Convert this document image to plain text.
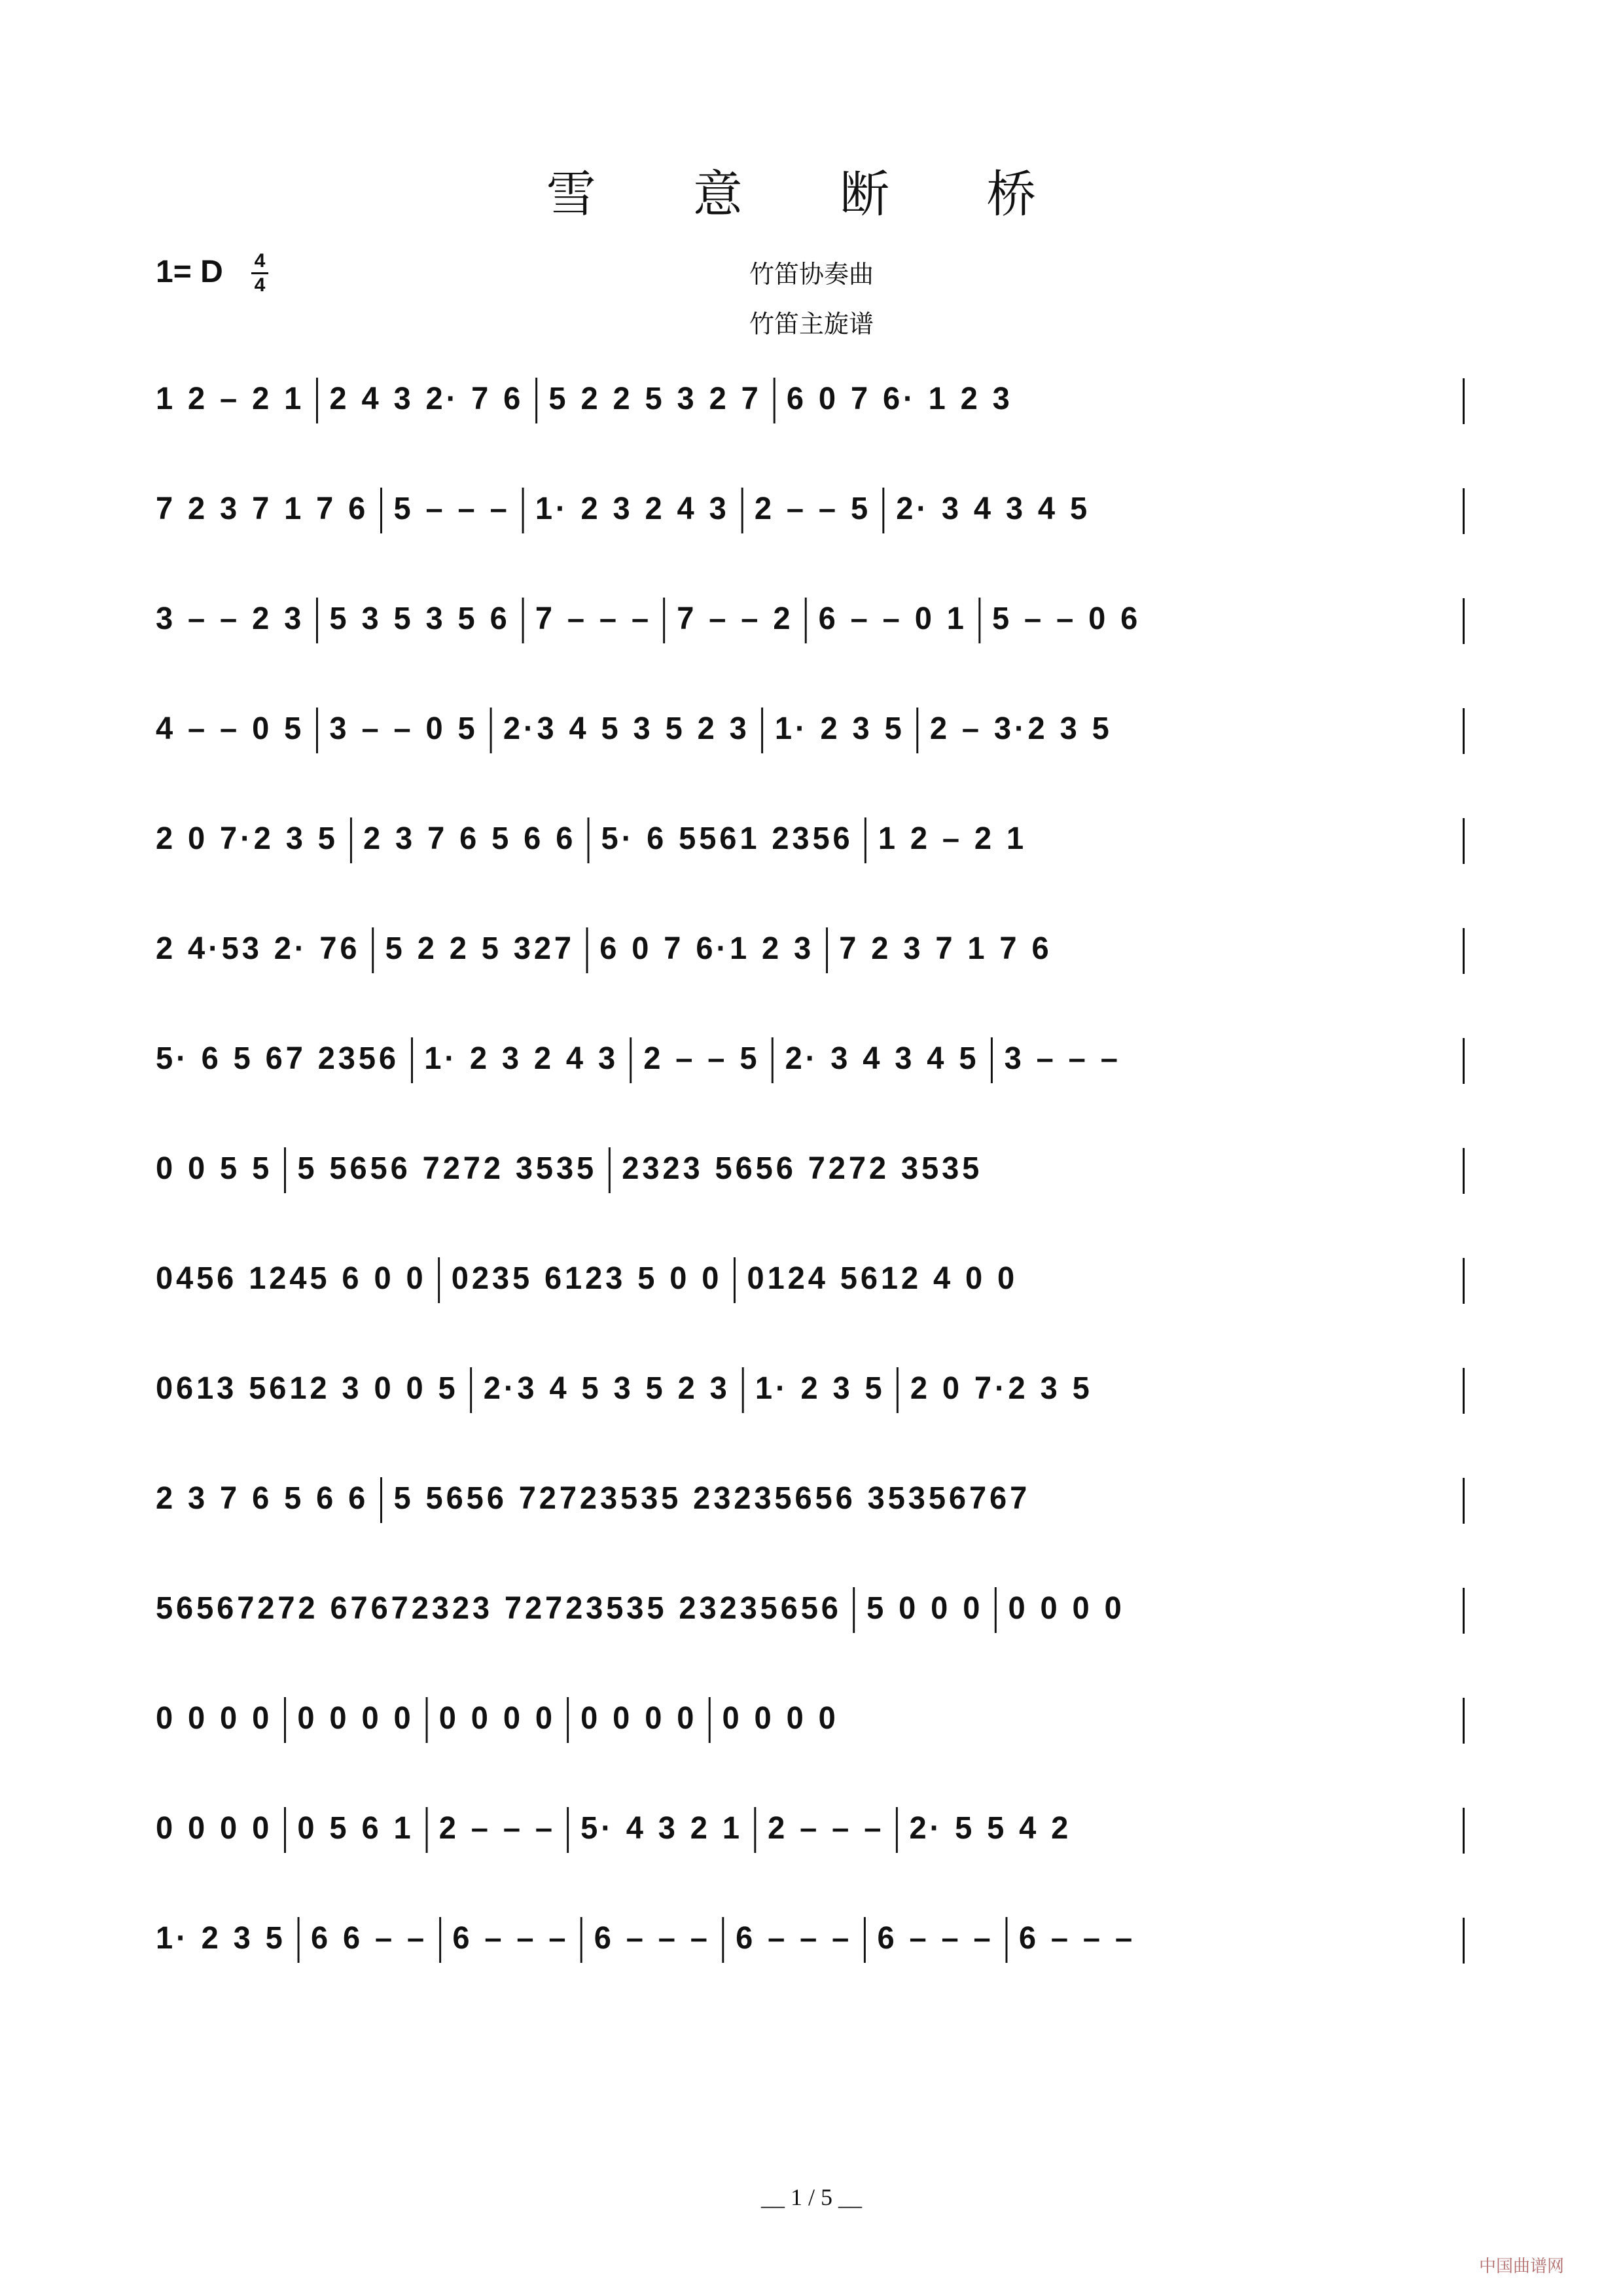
雪 意 断 桥
1= D 4
4	竹笛协奏曲
竹笛主旋谱
1 2 – 2 1 2 4 3 2· 7 6 5 2 2 5 3 2 7 6 0 7 6· 1 2 3
7 2 3 7 1 7 6 5 – – – 1· 2 3 2 4 3 2 – – 5 2· 3 4 3 4 5
3 – – 2 3 5 3 5 3 5 6 7 – – – 7 – – 2 6 – – 0 1 5 – – 0 6
4 – – 0 5 3 – – 0 5 2·3 4 5 3 5 2 3 1· 2 3 5 2 – 3·2 3 5
2 0 7·2 3 5 2 3 7 6 5 6 6 5· 6 5561 2356 1 2 – 2 1
2 4·53 2· 76 5 2 2 5 327 6 0 7 6·1 2 3 7 2 3 7 1 7 6
5· 6 5 67 2356 1· 2 3 2 4 3 2 – – 5 2· 3 4 3 4 5 3 – – –
0 0 5 5 5 5656 7272 3535 2323 5656 7272 3535
0456 1245 6 0 0 0235 6123 5 0 0 0124 5612 4 0 0
0613 5612 3 0 0 5 2·3 4 5 3 5 2 3 1· 2 3 5 2 0 7·2 3 5
2 3 7 6 5 6 6 5 5656 72723535 23235656 35356767
56567272 67672323 72723535 23235656 5 0 0 0 0 0 0 0
0 0 0 0 0 0 0 0 0 0 0 0 0 0 0 0 0 0 0 0
0 0 0 0 0 5 6 1 2 – – – 5· 4 3 2 1 2 – – – 2· 5 5 4 2
1· 2 3 5 6 6 – – 6 – – – 6 – – – 6 – – – 6 – – – 6 – – –
__ 1 / 5 __
中国曲谱网
